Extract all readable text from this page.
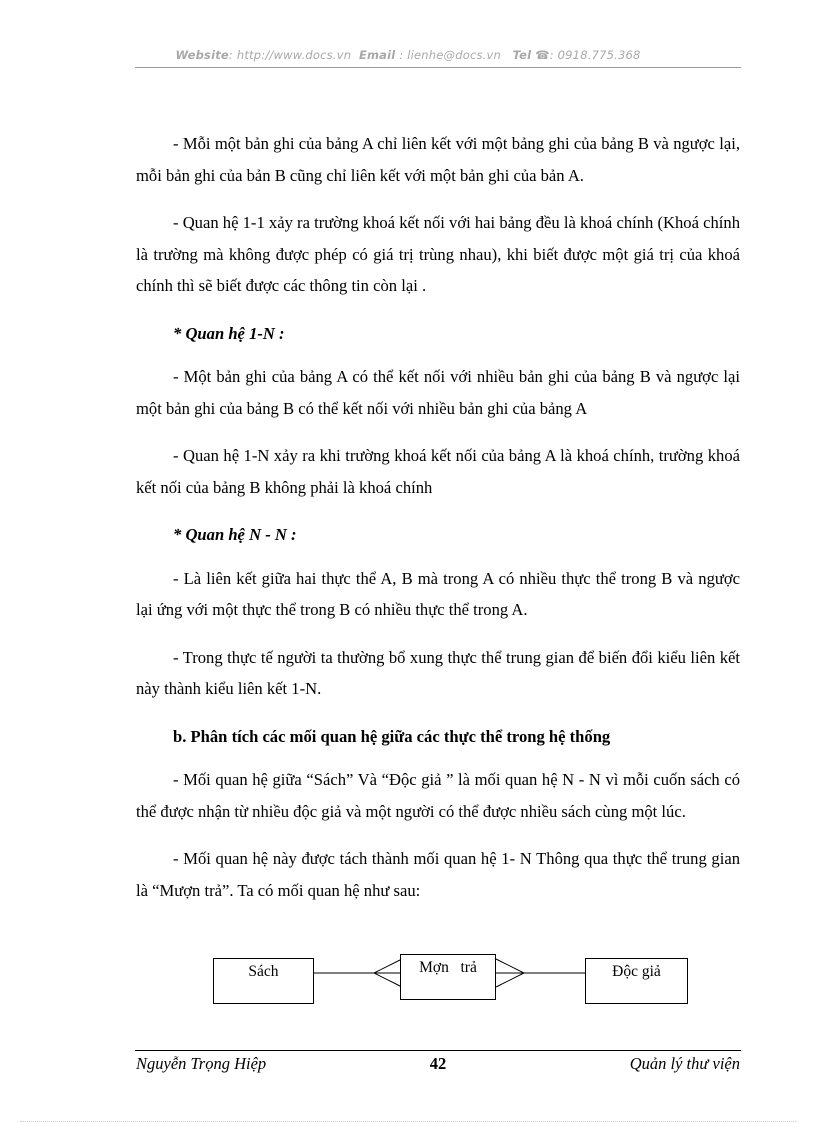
Website: http://www.docs.vn Email : lienhe@docs.vn Tel ☎: 0918.775.368

- Mỗi một bản ghi của bảng A chỉ liên kết với một bảng ghi của bảng B và ngược lại, mỗi bản ghi của bản B cũng chỉ liên kết với một bản ghi của bản A.

- Quan hệ 1-1 xảy ra trường khoá kết nối với hai bảng đều là khoá chính (Khoá chính là trường mà không được phép có giá trị trùng nhau), khi biết được một giá trị của khoá chính thì sẽ biết được các thông tin còn lại .

* Quan hệ 1-N :

- Một bản ghi của bảng A có thể kết nối với nhiều bản ghi của bảng B và ngược lại một bản ghi của bảng B có thể kết nối với nhiều bản ghi của bảng A

- Quan hệ 1-N xảy ra khi trường khoá kết nối của bảng A là khoá chính, trường khoá kết nối của bảng B không phải là khoá chính

* Quan hệ N - N :

- Là liên kết giữa hai thực thể A, B mà trong A có nhiều thực thể trong B và ngược lại ứng với một thực thể trong B có nhiều thực thể trong A.

- Trong thực tế người ta thường bổ xung thực thể trung gian để biến đổi kiểu liên kết này thành kiểu liên kết 1-N.

b. Phân tích các mối quan hệ giữa các thực thể trong hệ thống

- Mối quan hệ giữa “Sách” Và “Độc giả ” là mối quan hệ N - N vì mỗi cuốn sách có thể được nhận từ nhiều độc giả và một người có thể được nhiều sách cùng một lúc.

- Mối quan hệ này được tách thành mối quan hệ 1- N Thông qua thực thể trung gian là “Mượn trả”. Ta có mối quan hệ như sau:

Sách	Mợn   trả	Độc giả
Nguyễn Trọng Hiệp	42	Quản lý thư viện
